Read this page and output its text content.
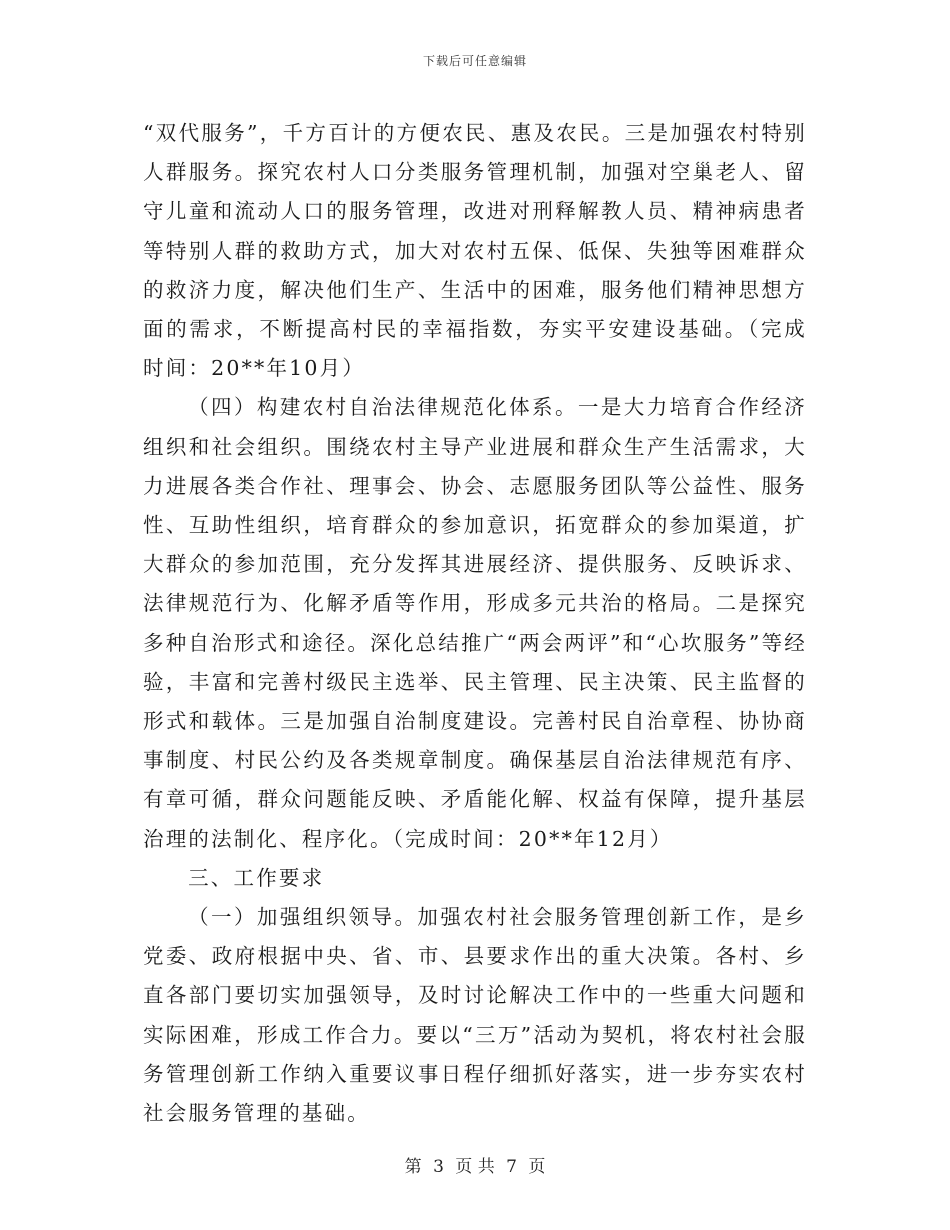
下载后可任意编辑

“双代服务”，千方百计的方便农民、惠及农民。三是加强农村特别人群服务。探究农村人口分类服务管理机制，加强对空巢老人、留守儿童和流动人口的服务管理，改进对刑释解教人员、精神病患者等特别人群的救助方式，加大对农村五保、低保、失独等困难群众的救济力度，解决他们生产、生活中的困难，服务他们精神思想方面的需求，不断提高村民的幸福指数，夯实平安建设基础。（完成时间：20**年10月）

（四）构建农村自治法律规范化体系。一是大力培育合作经济组织和社会组织。围绕农村主导产业进展和群众生产生活需求，大力进展各类合作社、理事会、协会、志愿服务团队等公益性、服务性、互助性组织，培育群众的参加意识，拓宽群众的参加渠道，扩大群众的参加范围，充分发挥其进展经济、提供服务、反映诉求、法律规范行为、化解矛盾等作用，形成多元共治的格局。二是探究多种自治形式和途径。深化总结推广“两会两评”和“心坎服务”等经验，丰富和完善村级民主选举、民主管理、民主决策、民主监督的形式和载体。三是加强自治制度建设。完善村民自治章程、协协商事制度、村民公约及各类规章制度。确保基层自治法律规范有序、有章可循，群众问题能反映、矛盾能化解、权益有保障，提升基层治理的法制化、程序化。（完成时间：20**年12月）

三、工作要求

（一）加强组织领导。加强农村社会服务管理创新工作，是乡党委、政府根据中央、省、市、县要求作出的重大决策。各村、乡直各部门要切实加强领导，及时讨论解决工作中的一些重大问题和实际困难，形成工作合力。要以“三万”活动为契机，将农村社会服务管理创新工作纳入重要议事日程仔细抓好落实，进一步夯实农村社会服务管理的基础。

第 3 页 共 7 页
